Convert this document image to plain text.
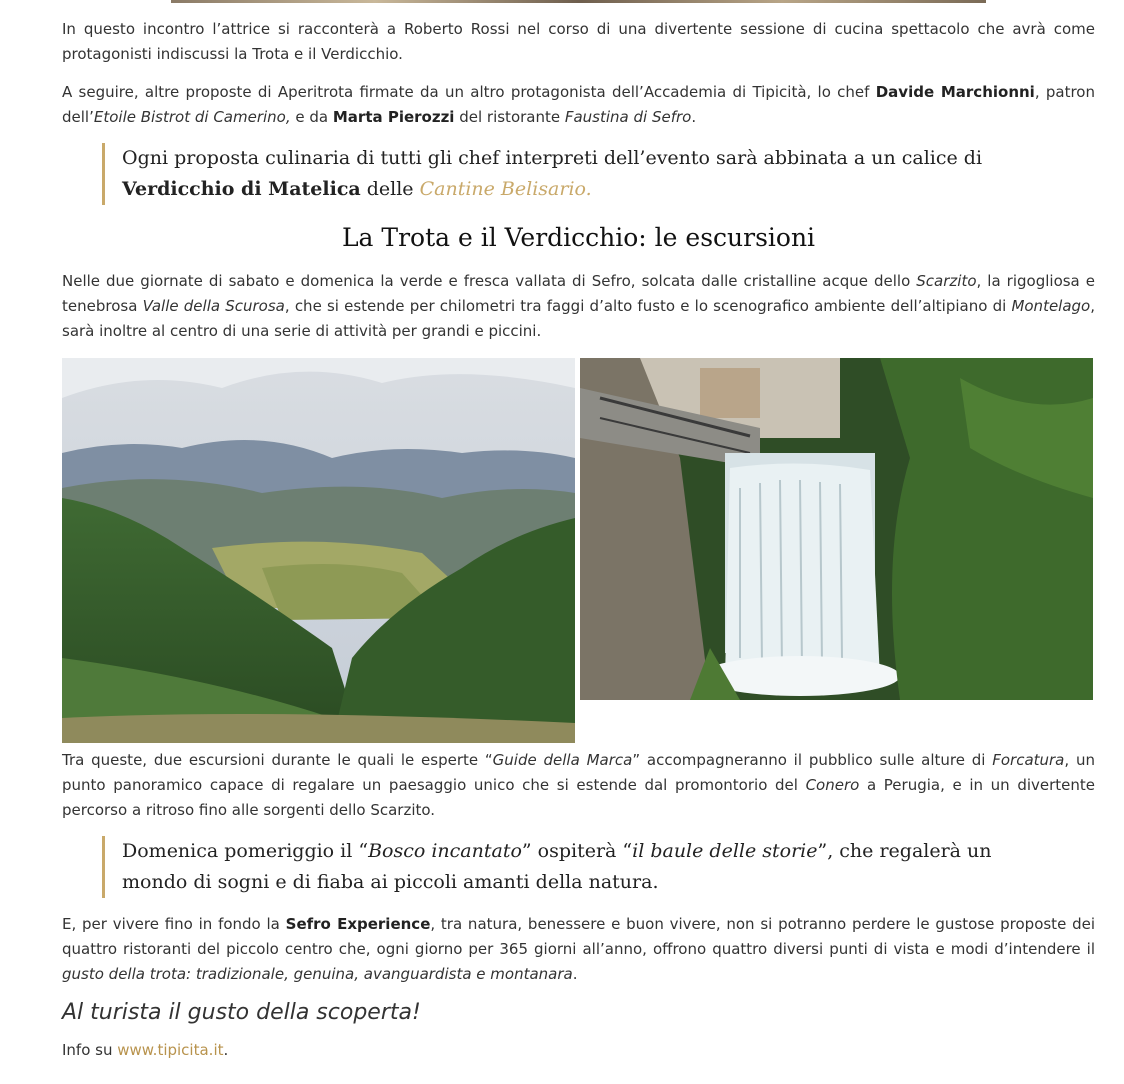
In questo incontro l’attrice si racconterà a Roberto Rossi nel corso di una divertente sessione di cucina spettacolo che avrà come protagonisti indiscussi la Trota e il Verdicchio.

A seguire, altre proposte di Aperitrota firmate da un altro protagonista dell’Accademia di Tipicità, lo chef Davide Marchionni, patron dell’Etoile Bistrot di Camerino, e da Marta Pierozzi del ristorante Faustina di Sefro.

Ogni proposta culinaria di tutti gli chef interpreti dell’evento sarà abbinata a un calice di Verdicchio di Matelica delle Cantine Belisario.

La Trota e il Verdicchio: le escursioni

Nelle due giornate di sabato e domenica la verde e fresca vallata di Sefro, solcata dalle cristalline acque dello Scarzito, la rigogliosa e tenebrosa Valle della Scurosa, che si estende per chilometri tra faggi d’alto fusto e lo scenografico ambiente dell’altipiano di Montelago, sarà inoltre al centro di una serie di attività per grandi e piccini.

Tra queste, due escursioni durante le quali le esperte “Guide della Marca” accompagneranno il pubblico sulle alture di Forcatura, un punto panoramico capace di regalare un paesaggio unico che si estende dal promontorio del Conero a Perugia, e in un divertente percorso a ritroso fino alle sorgenti dello Scarzito.

Domenica pomeriggio il “Bosco incantato” ospiterà “il baule delle storie”, che regalerà un mondo di sogni e di fiaba ai piccoli amanti della natura.

E, per vivere fino in fondo la Sefro Experience, tra natura, benessere e buon vivere, non si potranno perdere le gustose proposte dei quattro ristoranti del piccolo centro che, ogni giorno per 365 giorni all’anno, offrono quattro diversi punti di vista e modi d’intendere il gusto della trota: tradizionale, genuina, avanguardista e montanara.

Al turista il gusto della scoperta!

Info su www.tipicita.it.
